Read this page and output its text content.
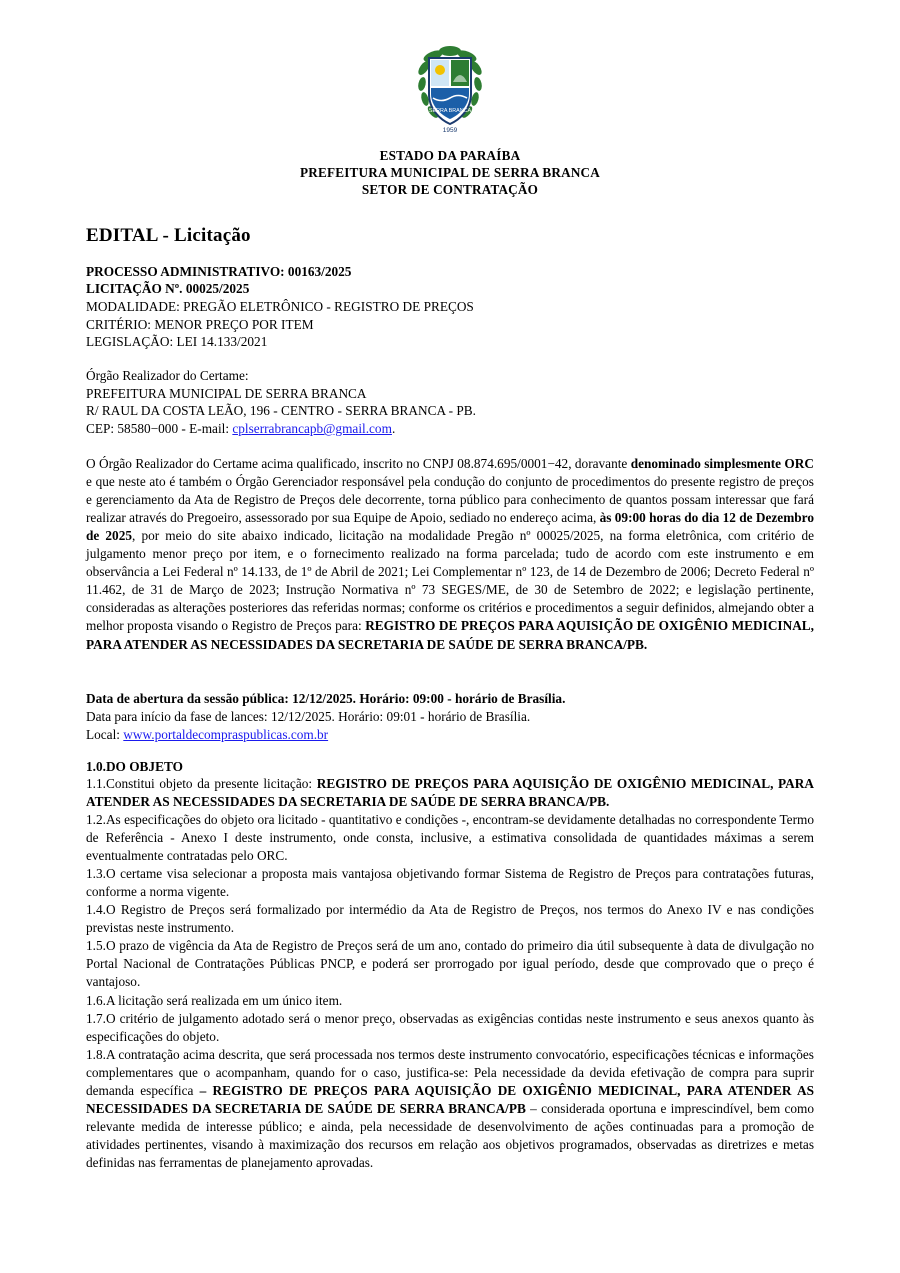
SERRA BRANCA
1959
ESTADO DA PARAÍBA
PREFEITURA MUNICIPAL DE SERRA BRANCA
SETOR DE CONTRATAÇÃO
EDITAL - Licitação
PROCESSO ADMINISTRATIVO: 00163/2025
LICITAÇÃO Nº. 00025/2025
MODALIDADE: PREGÃO ELETRÔNICO - REGISTRO DE PREÇOS
CRITÉRIO: MENOR PREÇO POR ITEM
LEGISLAÇÃO: LEI 14.133/2021
Órgão Realizador do Certame:
PREFEITURA MUNICIPAL DE SERRA BRANCA
R/ RAUL DA COSTA LEÃO, 196 - CENTRO - SERRA BRANCA - PB.
CEP: 58580−000 - E-mail: cplserrabrancapb@gmail.com.

O Órgão Realizador do Certame acima qualificado, inscrito no CNPJ 08.874.695/0001−42, doravante denominado simplesmente ORC e que neste ato é também o Órgão Gerenciador responsável pela condução do conjunto de procedimentos do presente registro de preços e gerenciamento da Ata de Registro de Preços dele decorrente, torna público para conhecimento de quantos possam interessar que fará realizar através do Pregoeiro, assessorado por sua Equipe de Apoio, sediado no endereço acima, às 09:00 horas do dia 12 de Dezembro de 2025, por meio do site abaixo indicado, licitação na modalidade Pregão nº 00025/2025, na forma eletrônica, com critério de julgamento menor preço por item, e o fornecimento realizado na forma parcelada; tudo de acordo com este instrumento e em observância a Lei Federal nº 14.133, de 1º de Abril de 2021; Lei Complementar nº 123, de 14 de Dezembro de 2006; Decreto Federal nº 11.462, de 31 de Março de 2023; Instrução Normativa nº 73 SEGES/ME, de 30 de Setembro de 2022; e legislação pertinente, consideradas as alterações posteriores das referidas normas; conforme os critérios e procedimentos a seguir definidos, almejando obter a melhor proposta visando o Registro de Preços para: REGISTRO DE PREÇOS PARA AQUISIÇÃO DE OXIGÊNIO MEDICINAL, PARA ATENDER AS NECESSIDADES DA SECRETARIA DE SAÚDE DE SERRA BRANCA/PB.

Data de abertura da sessão pública: 12/12/2025. Horário: 09:00 - horário de Brasília.
Data para início da fase de lances: 12/12/2025. Horário: 09:01 - horário de Brasília.
Local: www.portaldecompraspublicas.com.br
1.0.DO OBJETO

1.1.Constitui objeto da presente licitação: REGISTRO DE PREÇOS PARA AQUISIÇÃO DE OXIGÊNIO MEDICINAL, PARA ATENDER AS NECESSIDADES DA SECRETARIA DE SAÚDE DE SERRA BRANCA/PB.

1.2.As especificações do objeto ora licitado - quantitativo e condições -, encontram-se devidamente detalhadas no correspondente Termo de Referência - Anexo I deste instrumento, onde consta, inclusive, a estimativa consolidada de quantidades máximas a serem eventualmente contratadas pelo ORC.

1.3.O certame visa selecionar a proposta mais vantajosa objetivando formar Sistema de Registro de Preços para contratações futuras, conforme a norma vigente.

1.4.O Registro de Preços será formalizado por intermédio da Ata de Registro de Preços, nos termos do Anexo IV e nas condições previstas neste instrumento.

1.5.O prazo de vigência da Ata de Registro de Preços será de um ano, contado do primeiro dia útil subsequente à data de divulgação no Portal Nacional de Contratações Públicas PNCP, e poderá ser prorrogado por igual período, desde que comprovado que o preço é vantajoso.

1.6.A licitação será realizada em um único item.

1.7.O critério de julgamento adotado será o menor preço, observadas as exigências contidas neste instrumento e seus anexos quanto às especificações do objeto.

1.8.A contratação acima descrita, que será processada nos termos deste instrumento convocatório, especificações técnicas e informações complementares que o acompanham, quando for o caso, justifica-se: Pela necessidade da devida efetivação de compra para suprir demanda específica – REGISTRO DE PREÇOS PARA AQUISIÇÃO DE OXIGÊNIO MEDICINAL, PARA ATENDER AS NECESSIDADES DA SECRETARIA DE SAÚDE DE SERRA BRANCA/PB – considerada oportuna e imprescindível, bem como relevante medida de interesse público; e ainda, pela necessidade de desenvolvimento de ações continuadas para a promoção de atividades pertinentes, visando à maximização dos recursos em relação aos objetivos programados, observadas as diretrizes e metas definidas nas ferramentas de planejamento aprovadas.
